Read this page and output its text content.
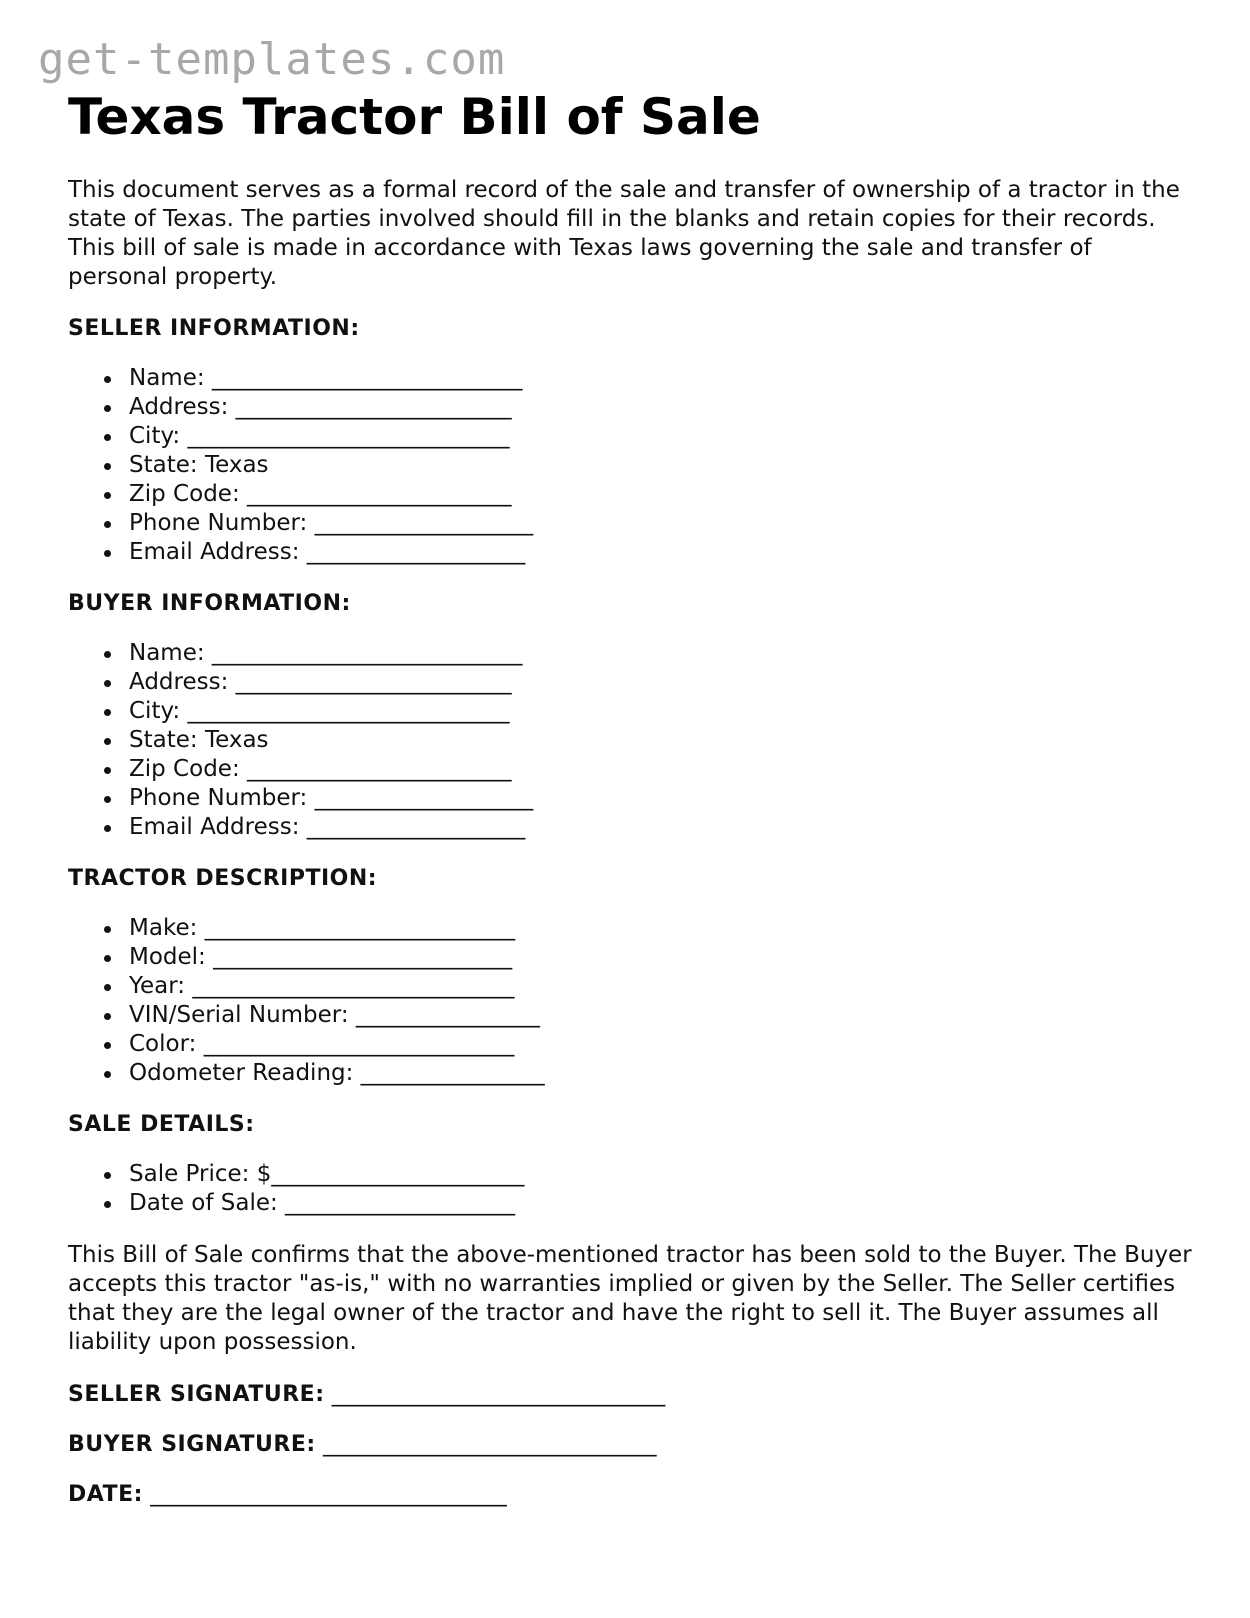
get-templates.com
Texas Tractor Bill of Sale

This document serves as a formal record of the sale and transfer of ownership of a tractor in the state of Texas. The parties involved should fill in the blanks and retain copies for their records. This bill of sale is made in accordance with Texas laws governing the sale and transfer of personal property.

SELLER INFORMATION:

Name: ___________________________
Address: ________________________
City: ____________________________
State: Texas
Zip Code: _______________________
Phone Number: ___________________
Email Address: ___________________

BUYER INFORMATION:

Name: ___________________________
Address: ________________________
City: ____________________________
State: Texas
Zip Code: _______________________
Phone Number: ___________________
Email Address: ___________________

TRACTOR DESCRIPTION:

Make: ___________________________
Model: __________________________
Year: ____________________________
VIN/Serial Number: ________________
Color: ___________________________
Odometer Reading: ________________

SALE DETAILS:

Sale Price: $______________________
Date of Sale: ____________________

This Bill of Sale confirms that the above-mentioned tractor has been sold to the Buyer. The Buyer accepts this tractor "as-is," with no warranties implied or given by the Seller. The Seller certifies that they are the legal owner of the tractor and have the right to sell it. The Buyer assumes all liability upon possession.

SELLER SIGNATURE: _____________________________

BUYER SIGNATURE: _____________________________

DATE: _______________________________
